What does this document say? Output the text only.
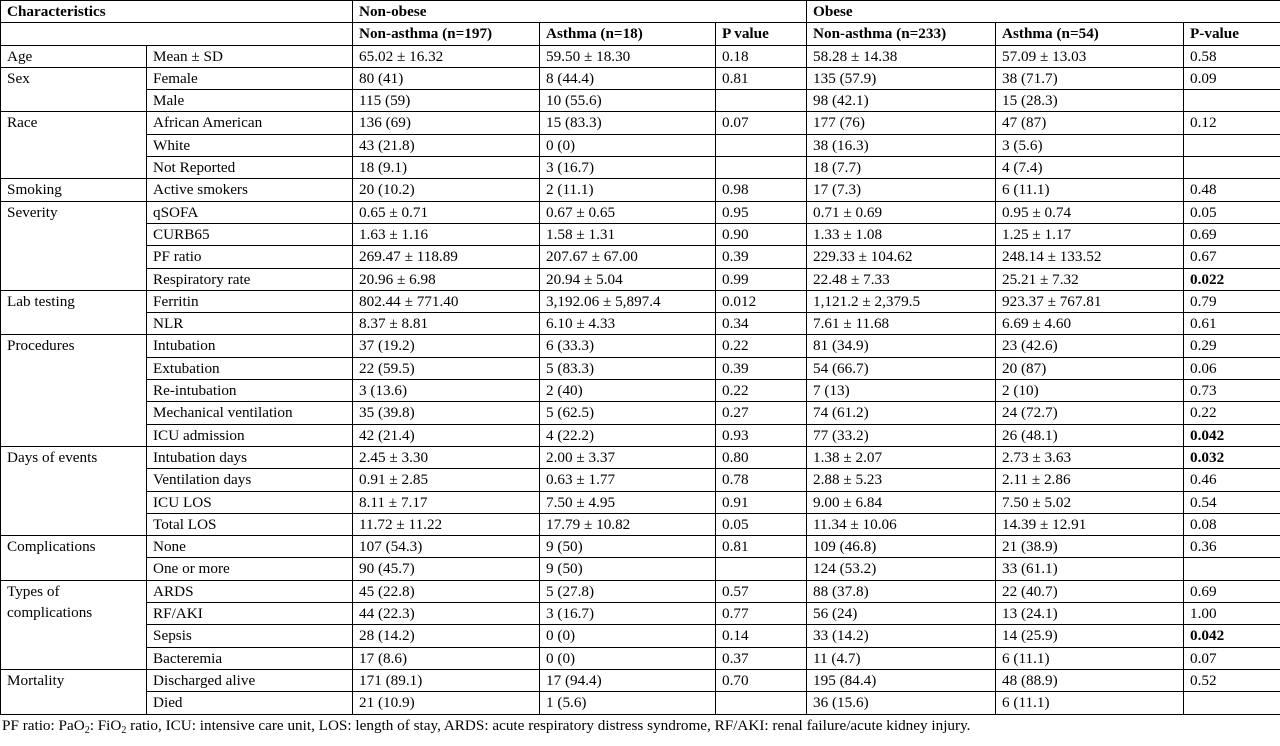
Characteristics		Non-obese			Obese		
		Non-asthma (n=197)	Asthma (n=18)	P value	Non-asthma (n=233)	Asthma (n=54)	P-value
Age	Mean ± SD	65.02 ± 16.32	59.50 ± 18.30	0.18	58.28 ± 14.38	57.09 ± 13.03	0.58
Sex	Female	80 (41)	8 (44.4)	0.81	135 (57.9)	38 (71.7)	0.09
	Male	115 (59)	10 (55.6)		98 (42.1)	15 (28.3)	
Race	African American	136 (69)	15 (83.3)	0.07	177 (76)	47 (87)	0.12
	White	43 (21.8)	0 (0)		38 (16.3)	3 (5.6)	
	Not Reported	18 (9.1)	3 (16.7)		18 (7.7)	4 (7.4)	
Smoking	Active smokers	20 (10.2)	2 (11.1)	0.98	17 (7.3)	6 (11.1)	0.48
Severity	qSOFA	0.65 ± 0.71	0.67 ± 0.65	0.95	0.71 ± 0.69	0.95 ± 0.74	0.05
	CURB65	1.63 ± 1.16	1.58 ± 1.31	0.90	1.33 ± 1.08	1.25 ± 1.17	0.69
	PF ratio	269.47 ± 118.89	207.67 ± 67.00	0.39	229.33 ± 104.62	248.14 ± 133.52	0.67
	Respiratory rate	20.96 ± 6.98	20.94 ± 5.04	0.99	22.48 ± 7.33	25.21 ± 7.32	0.022
Lab testing	Ferritin	802.44 ± 771.40	3,192.06 ± 5,897.4	0.012	1,121.2 ± 2,379.5	923.37 ± 767.81	0.79
	NLR	8.37 ± 8.81	6.10 ± 4.33	0.34	7.61 ± 11.68	6.69 ± 4.60	0.61
Procedures	Intubation	37 (19.2)	6 (33.3)	0.22	81 (34.9)	23 (42.6)	0.29
	Extubation	22 (59.5)	5 (83.3)	0.39	54 (66.7)	20 (87)	0.06
	Re-intubation	3 (13.6)	2 (40)	0.22	7 (13)	2 (10)	0.73
	Mechanical ventilation	35 (39.8)	5 (62.5)	0.27	74 (61.2)	24 (72.7)	0.22
	ICU admission	42 (21.4)	4 (22.2)	0.93	77 (33.2)	26 (48.1)	0.042
Days of events	Intubation days	2.45 ± 3.30	2.00 ± 3.37	0.80	1.38 ± 2.07	2.73 ± 3.63	0.032
	Ventilation days	0.91 ± 2.85	0.63 ± 1.77	0.78	2.88 ± 5.23	2.11 ± 2.86	0.46
	ICU LOS	8.11 ± 7.17	7.50 ± 4.95	0.91	9.00 ± 6.84	7.50 ± 5.02	0.54
	Total LOS	11.72 ± 11.22	17.79 ± 10.82	0.05	11.34 ± 10.06	14.39 ± 12.91	0.08
Complications	None	107 (54.3)	9 (50)	0.81	109 (46.8)	21 (38.9)	0.36
	One or more	90 (45.7)	9 (50)		124 (53.2)	33 (61.1)	
Types of complications	ARDS	45 (22.8)	5 (27.8)	0.57	88 (37.8)	22 (40.7)	0.69
	RF/AKI	44 (22.3)	3 (16.7)	0.77	56 (24)	13 (24.1)	1.00
	Sepsis	28 (14.2)	0 (0)	0.14	33 (14.2)	14 (25.9)	0.042
	Bacteremia	17 (8.6)	0 (0)	0.37	11 (4.7)	6 (11.1)	0.07
Mortality	Discharged alive	171 (89.1)	17 (94.4)	0.70	195 (84.4)	48 (88.9)	0.52
	Died	21 (10.9)	1 (5.6)		36 (15.6)	6 (11.1)	
PF ratio: PaO$_2$: FiO$_2$ ratio, ICU: intensive care unit, LOS: length of stay, ARDS: acute respiratory distress syndrome, RF/AKI: renal failure/acute kidney injury.
